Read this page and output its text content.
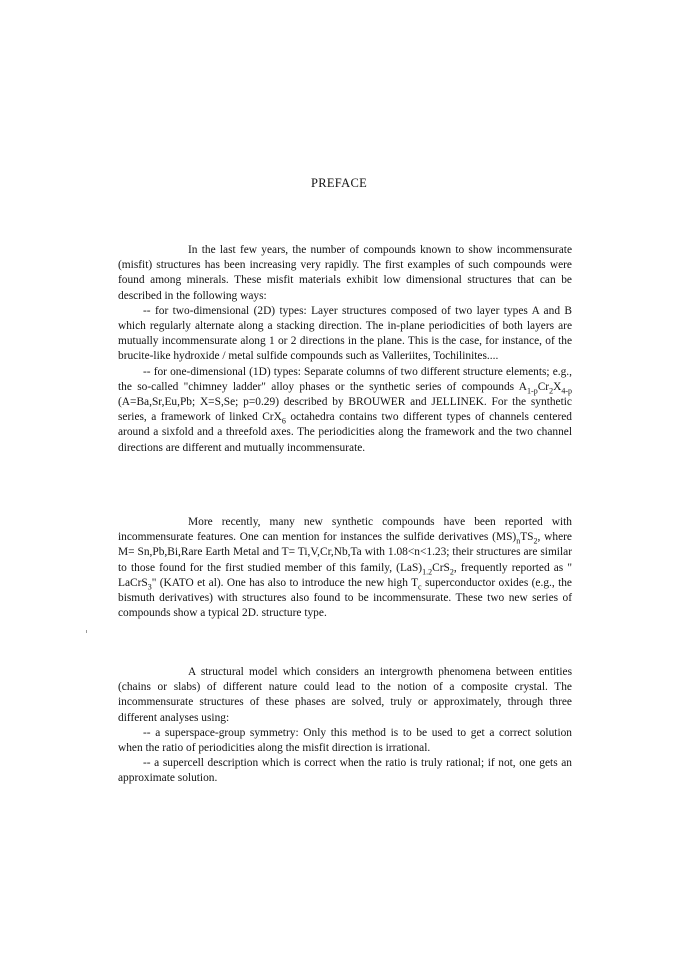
PREFACE

In the last few years, the number of compounds known to show incommensurate (misfit) structures has been increasing very rapidly. The first examples of such compounds were found among minerals. These misfit materials exhibit low dimensional structures that can be described in the following ways:

-- for two-dimensional (2D) types: Layer structures composed of two layer types A and B which regularly alternate along a stacking direction. The in-plane periodicities of both layers are mutually incommensurate along 1 or 2 directions in the plane. This is the case, for instance, of the brucite-like hydroxide / metal sulfide compounds such as Valleriites, Tochilinites....

-- for one-dimensional (1D) types: Separate columns of two different structure elements; e.g., the so-called "chimney ladder" alloy phases or the synthetic series of compounds $A_{1-p}Cr_2X_{4-p}$ (A=Ba,Sr,Eu,Pb; X=S,Se; p=0.29) described by BROUWER and JELLINEK. For the synthetic series, a framework of linked CrX$_6$ octahedra contains two different types of channels centered around a sixfold and a threefold axes. The periodicities along the framework and the two channel directions are different and mutually incommensurate.

More recently, many new synthetic compounds have been reported with incommensurate features. One can mention for instances the sulfide derivatives $(MS)_nTS_2$, where M= Sn,Pb,Bi,Rare Earth Metal and T= Ti,V,Cr,Nb,Ta with 1.08<n<1.23; their structures are similar to those found for the first studied member of this family, $(LaS)_{1.2}CrS_2$, frequently reported as " LaCrS$_3$" (KATO et al). One has also to introduce the new high $T_c$ superconductor oxides (e.g., the bismuth derivatives) with structures also found to be incommensurate. These two new series of compounds show a typical 2D. structure type.

A structural model which considers an intergrowth phenomena between entities (chains or slabs) of different nature could lead to the notion of a composite crystal. The incommensurate structures of these phases are solved, truly or approximately, through three different analyses using:

-- a superspace-group symmetry: Only this method is to be used to get a correct solution when the ratio of periodicities along the misfit direction is irrational.

-- a supercell description which is correct when the ratio is truly rational; if not, one gets an approximate solution.
